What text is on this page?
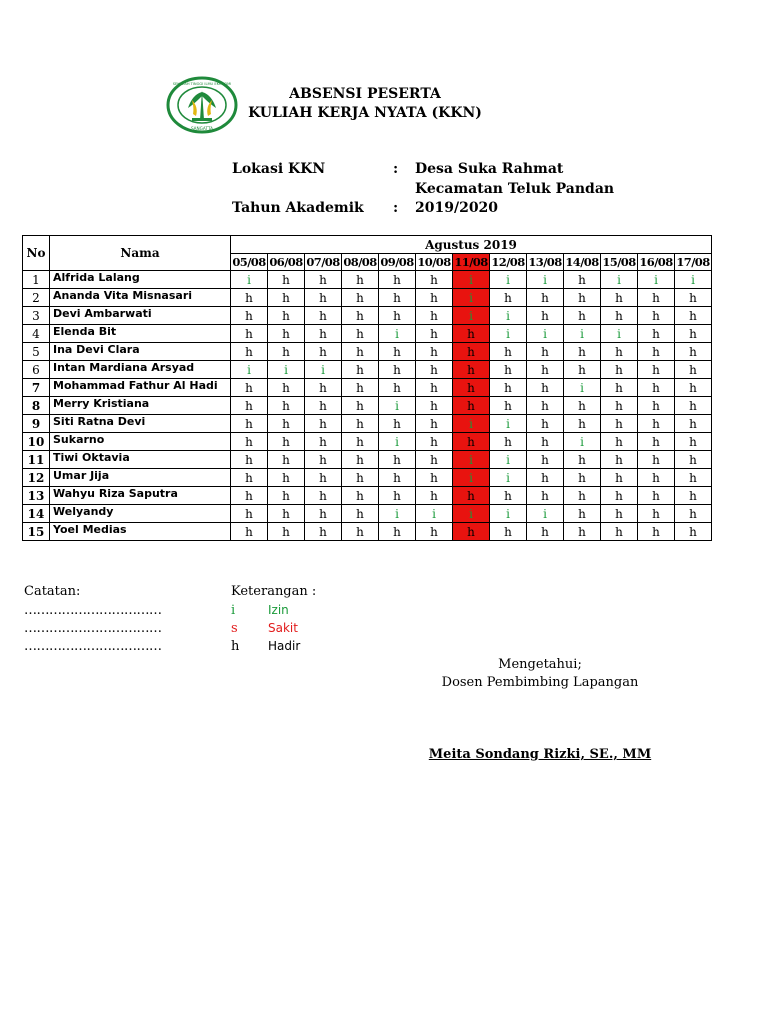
SANGATTA
SEKOLAH TINGGI ILMU EKONOMI
ABSENSI PESERTA
KULIAH KERJA NYATA (KKN)
Lokasi KKN	: Desa Suka Rahmat
Kecamatan Teluk Pandan
Tahun Akademik : 2019/2020
No	Nama	Agustus 2019												
		05/08	06/08	07/08	08/08	09/08	10/08	11/08	12/08	13/08	14/08	15/08	16/08	17/08
1	Alfrida Lalang	i	h	h	h	h	h	i	i	i	h	i	i	i
2	Ananda Vita Misnasari	h	h	h	h	h	h	i	h	h	h	h	h	h
3	Devi Ambarwati	h	h	h	h	h	h	i	i	h	h	h	h	h
4	Elenda Bit	h	h	h	h	i	h	h	i	i	i	i	h	h
5	Ina Devi Clara	h	h	h	h	h	h	h	h	h	h	h	h	h
6	Intan Mardiana Arsyad	i	i	i	h	h	h	h	h	h	h	h	h	h
7	Mohammad Fathur Al Hadi	h	h	h	h	h	h	h	h	h	i	h	h	h
8	Merry Kristiana	h	h	h	h	i	h	h	h	h	h	h	h	h
9	Siti Ratna Devi	h	h	h	h	h	h	i	i	h	h	h	h	h
10	Sukarno	h	h	h	h	i	h	h	h	h	i	h	h	h
11	Tiwi Oktavia	h	h	h	h	h	h	i	i	h	h	h	h	h
12	Umar Jija	h	h	h	h	h	h	i	i	h	h	h	h	h
13	Wahyu Riza Saputra	h	h	h	h	h	h	h	h	h	h	h	h	h
14	Welyandy	h	h	h	h	i	i	i	i	i	h	h	h	h
15	Yoel Medias	h	h	h	h	h	h	h	h	h	h	h	h	h
Catatan:
……………………………
……………………………
……………………………
Keterangan :
i	Izin
s	Sakit
h Hadir
Mengetahui;
Dosen Pembimbing Lapangan
Meita Sondang Rizki, SE., MM
